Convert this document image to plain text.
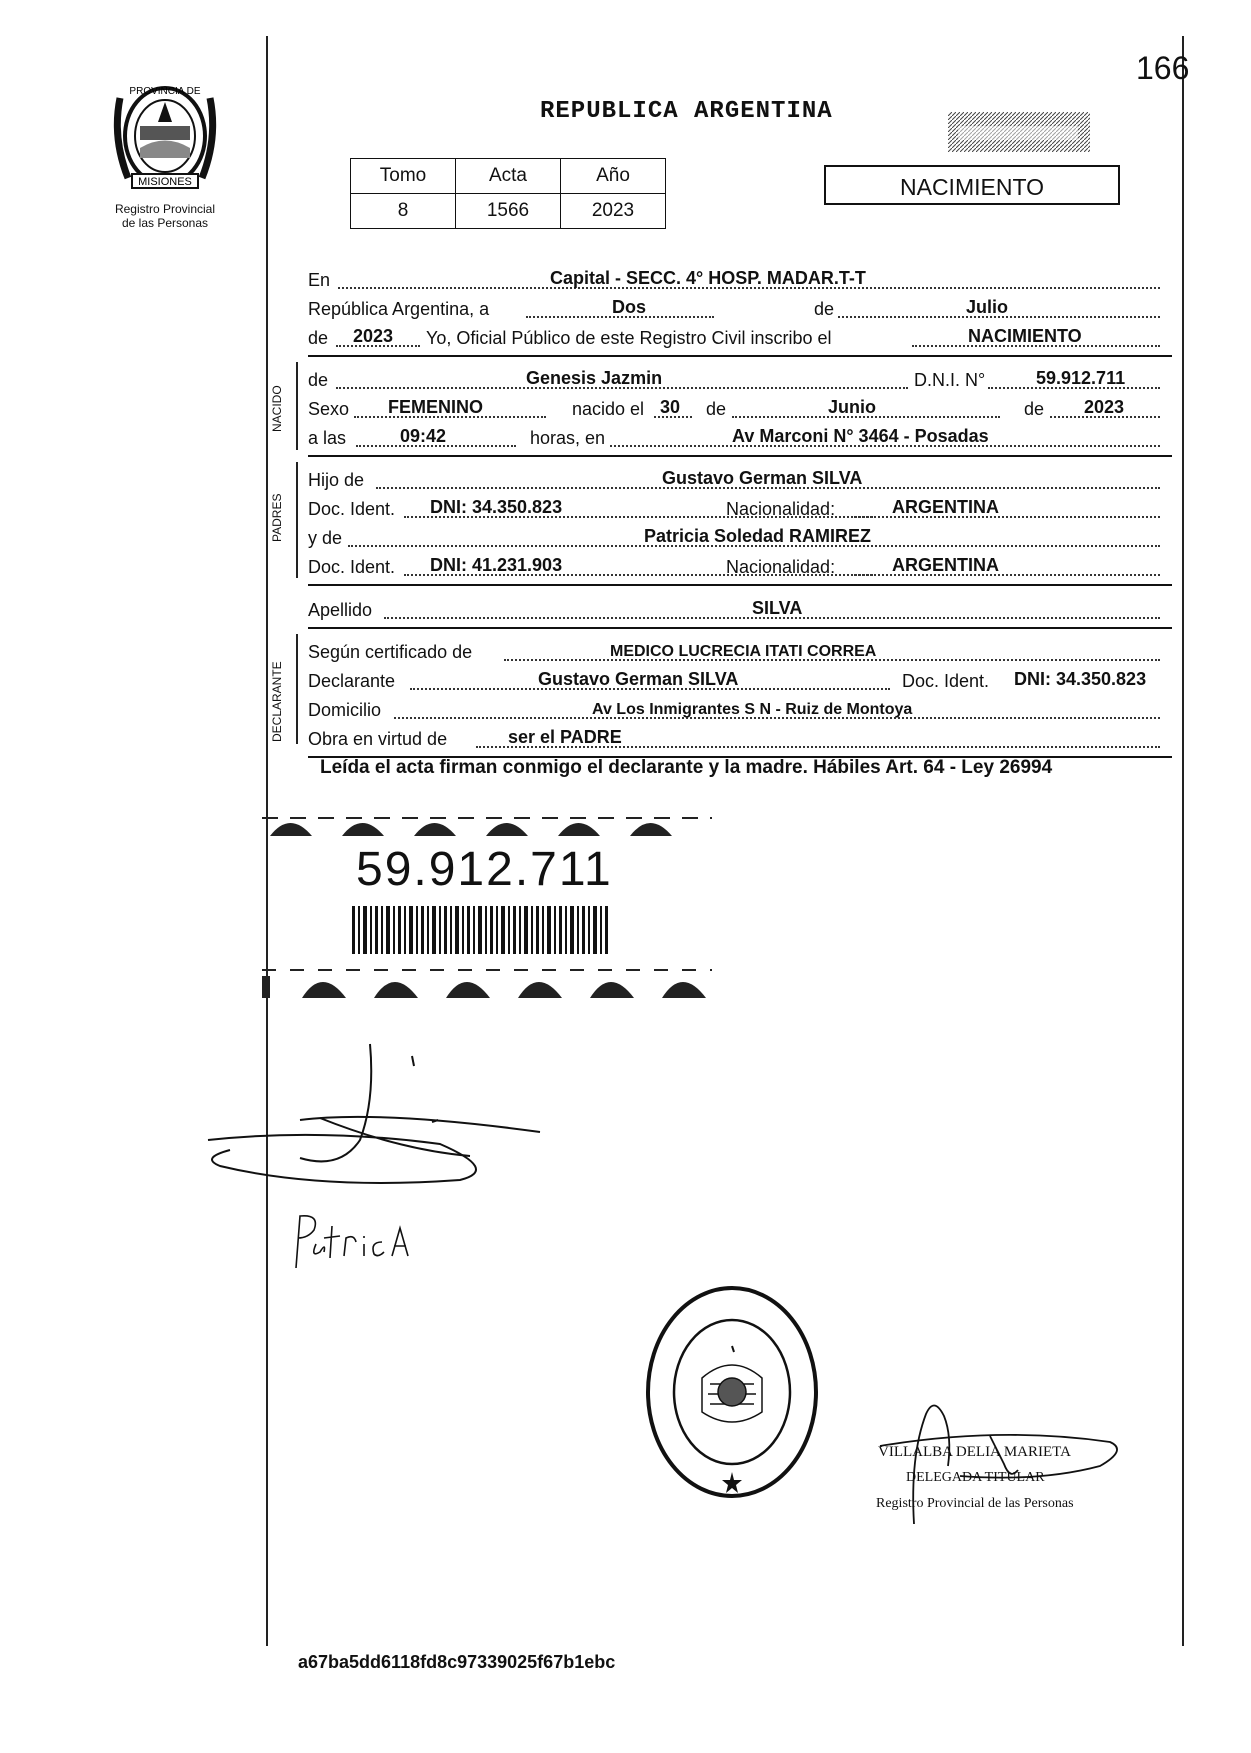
166
PROVINCIA DE
MISIONES
Registro Provincial
de las Personas
REPUBLICA ARGENTINA
Tomo	Acta	Año
8	1566	2023
NACIMIENTO
En	Capital - SECC. 4° HOSP. MADAR.T-T
República Argentina, a	Dos	de	Julio
de 2023 Yo, Oficial Público de este Registro Civil inscribo el	NACIMIENTO
NACIDO
de	Genesis Jazmin	D.N.I. N°	59.912.711
Sexo FEMENINO	nacido el 30 de	Junio	de 2023
a las	09:42	horas, en	Av Marconi N° 3464 - Posadas
PADRES
Hijo de	Gustavo German SILVA
Doc. Ident. DNI: 34.350.823	Nacionalidad:	ARGENTINA
y de	Patricia Soledad RAMIREZ
Doc. Ident. DNI: 41.231.903	Nacionalidad:	ARGENTINA
Apellido	SILVA
DECLARANTE
Según certificado de	MEDICO LUCRECIA ITATI CORREA
Declarante	Gustavo German SILVA	Doc. Ident. DNI: 34.350.823
Domicilio	Av Los Inmigrantes S N - Ruiz de Montoya
Obra en virtud de	ser el PADRE
Leída el acta firman conmigo el declarante y la madre. Hábiles Art. 64 - Ley 26994
59.912.711
VILLALBA DELIA MARIETA
DELEGADA TITULAR
Registro Provincial de las Personas
a67ba5dd6118fd8c97339025f67b1ebc
